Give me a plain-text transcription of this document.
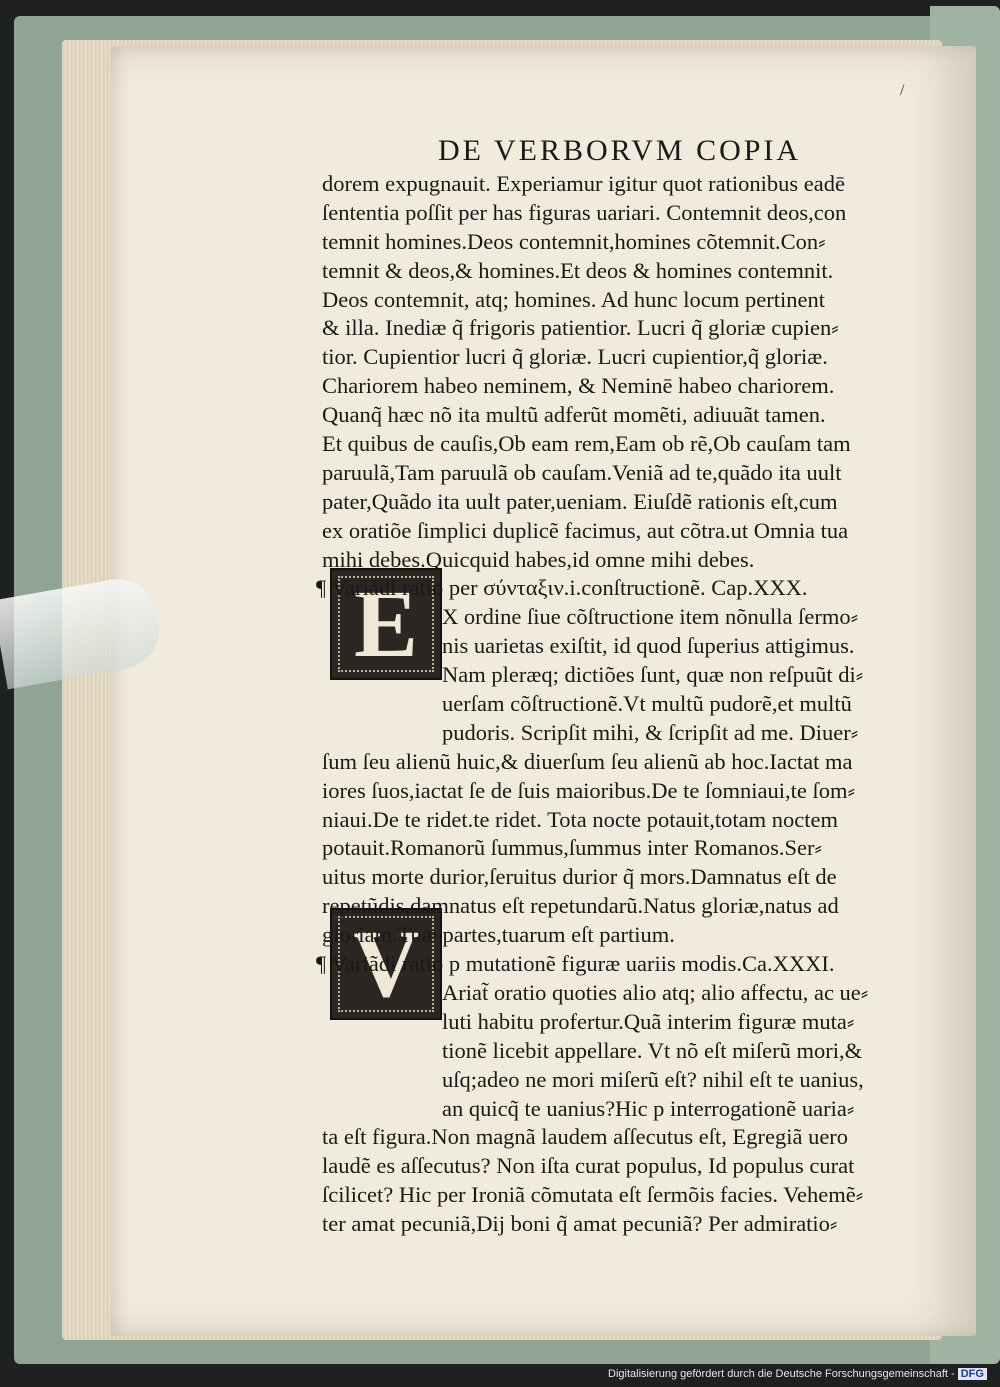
/
DE VERBORVM COPIA
E
V
dorem expugnauit. Experiamur igitur quot rationibus eadē
ſententia poſſit per has figuras uariari. Contemnit deos,con
temnit homines.Deos contemnit,homines cõtemnit.Con⸗
temnit & deos,& homines.Et deos & homines contemnit.
Deos contemnit, atq; homines. Ad hunc locum pertinent
& illa. Inediæ q̃ frigoris patientior. Lucri q̃ gloriæ cupien⸗
tior. Cupientior lucri q̃ gloriæ. Lucri cupientior,q̃ gloriæ.
Chariorem habeo neminem, & Neminē habeo chariorem.
Quanq̃ hæc nõ ita multũ adferũt momẽti, adiuuãt tamen.
Et quibus de cauſis,Ob eam rem,Eam ob rẽ,Ob cauſam tam
paruulã,Tam paruulã ob cauſam.Veniã ad te,quãdo ita uult
pater,Quãdo ita uult pater,ueniam. Eiuſdẽ rationis eſt,cum
ex oratiõe ſimplici duplicẽ facimus, aut cõtra.ut Omnia tua
mihi debes.Quicquid habes,id omne mihi debes.
¶ Variãdi ratio per σύνταξιν.i.conſtructionẽ. Cap.XXX.
X ordine ſiue cõſtructione item nõnulla ſermo⸗
nis uarietas exiſtit, id quod ſuperius attigimus.
Nam pleræq; dictiões ſunt, quæ non reſpuũt di⸗
uerſam cõſtructionẽ.Vt multũ pudorẽ,et multũ
pudoris. Scripſit mihi, & ſcripſit ad me. Diuer⸗
ſum ſeu alienũ huic,& diuerſum ſeu alienũ ab hoc.Iactat ma
iores ſuos,iactat ſe de ſuis maioribus.De te ſomniaui,te ſom⸗
niaui.De te ridet.te ridet. Tota nocte potauit,totam noctem
potauit.Romanorũ ſummus,ſummus inter Romanos.Ser⸗
uitus morte durior,ſeruitus durior q̃ mors.Damnatus eſt de
repetũdis,damnatus eſt repetundarũ.Natus gloriæ,natus ad
gloriam.Tuæ partes,tuarum eſt partium.
¶ Variãdi ratio p mutationẽ figuræ uariis modis.Ca.XXXI.
Ariat̃ oratio quoties alio atq; alio affectu, ac ue⸗
luti habitu profertur.Quã interim figuræ muta⸗
tionẽ licebit appellare. Vt nõ eſt miſerũ mori,&
uſq;adeo ne mori miſerũ eſt? nihil eſt te uanius,
an quicq̃ te uanius?Hic p interrogationẽ uaria⸗
ta eſt figura.Non magnã laudem aſſecutus eſt, Egregiã uero
laudẽ es aſſecutus? Non iſta curat populus, Id populus curat
ſcilicet? Hic per Ironiã cõmutata eſt ſermõis facies. Vehemẽ⸗
ter amat pecuniã,Dij boni q̃ amat pecuniã? Per admiratio⸗
Digitalisierung gefördert durch die Deutsche Forschungsgemeinschaft - DFG
